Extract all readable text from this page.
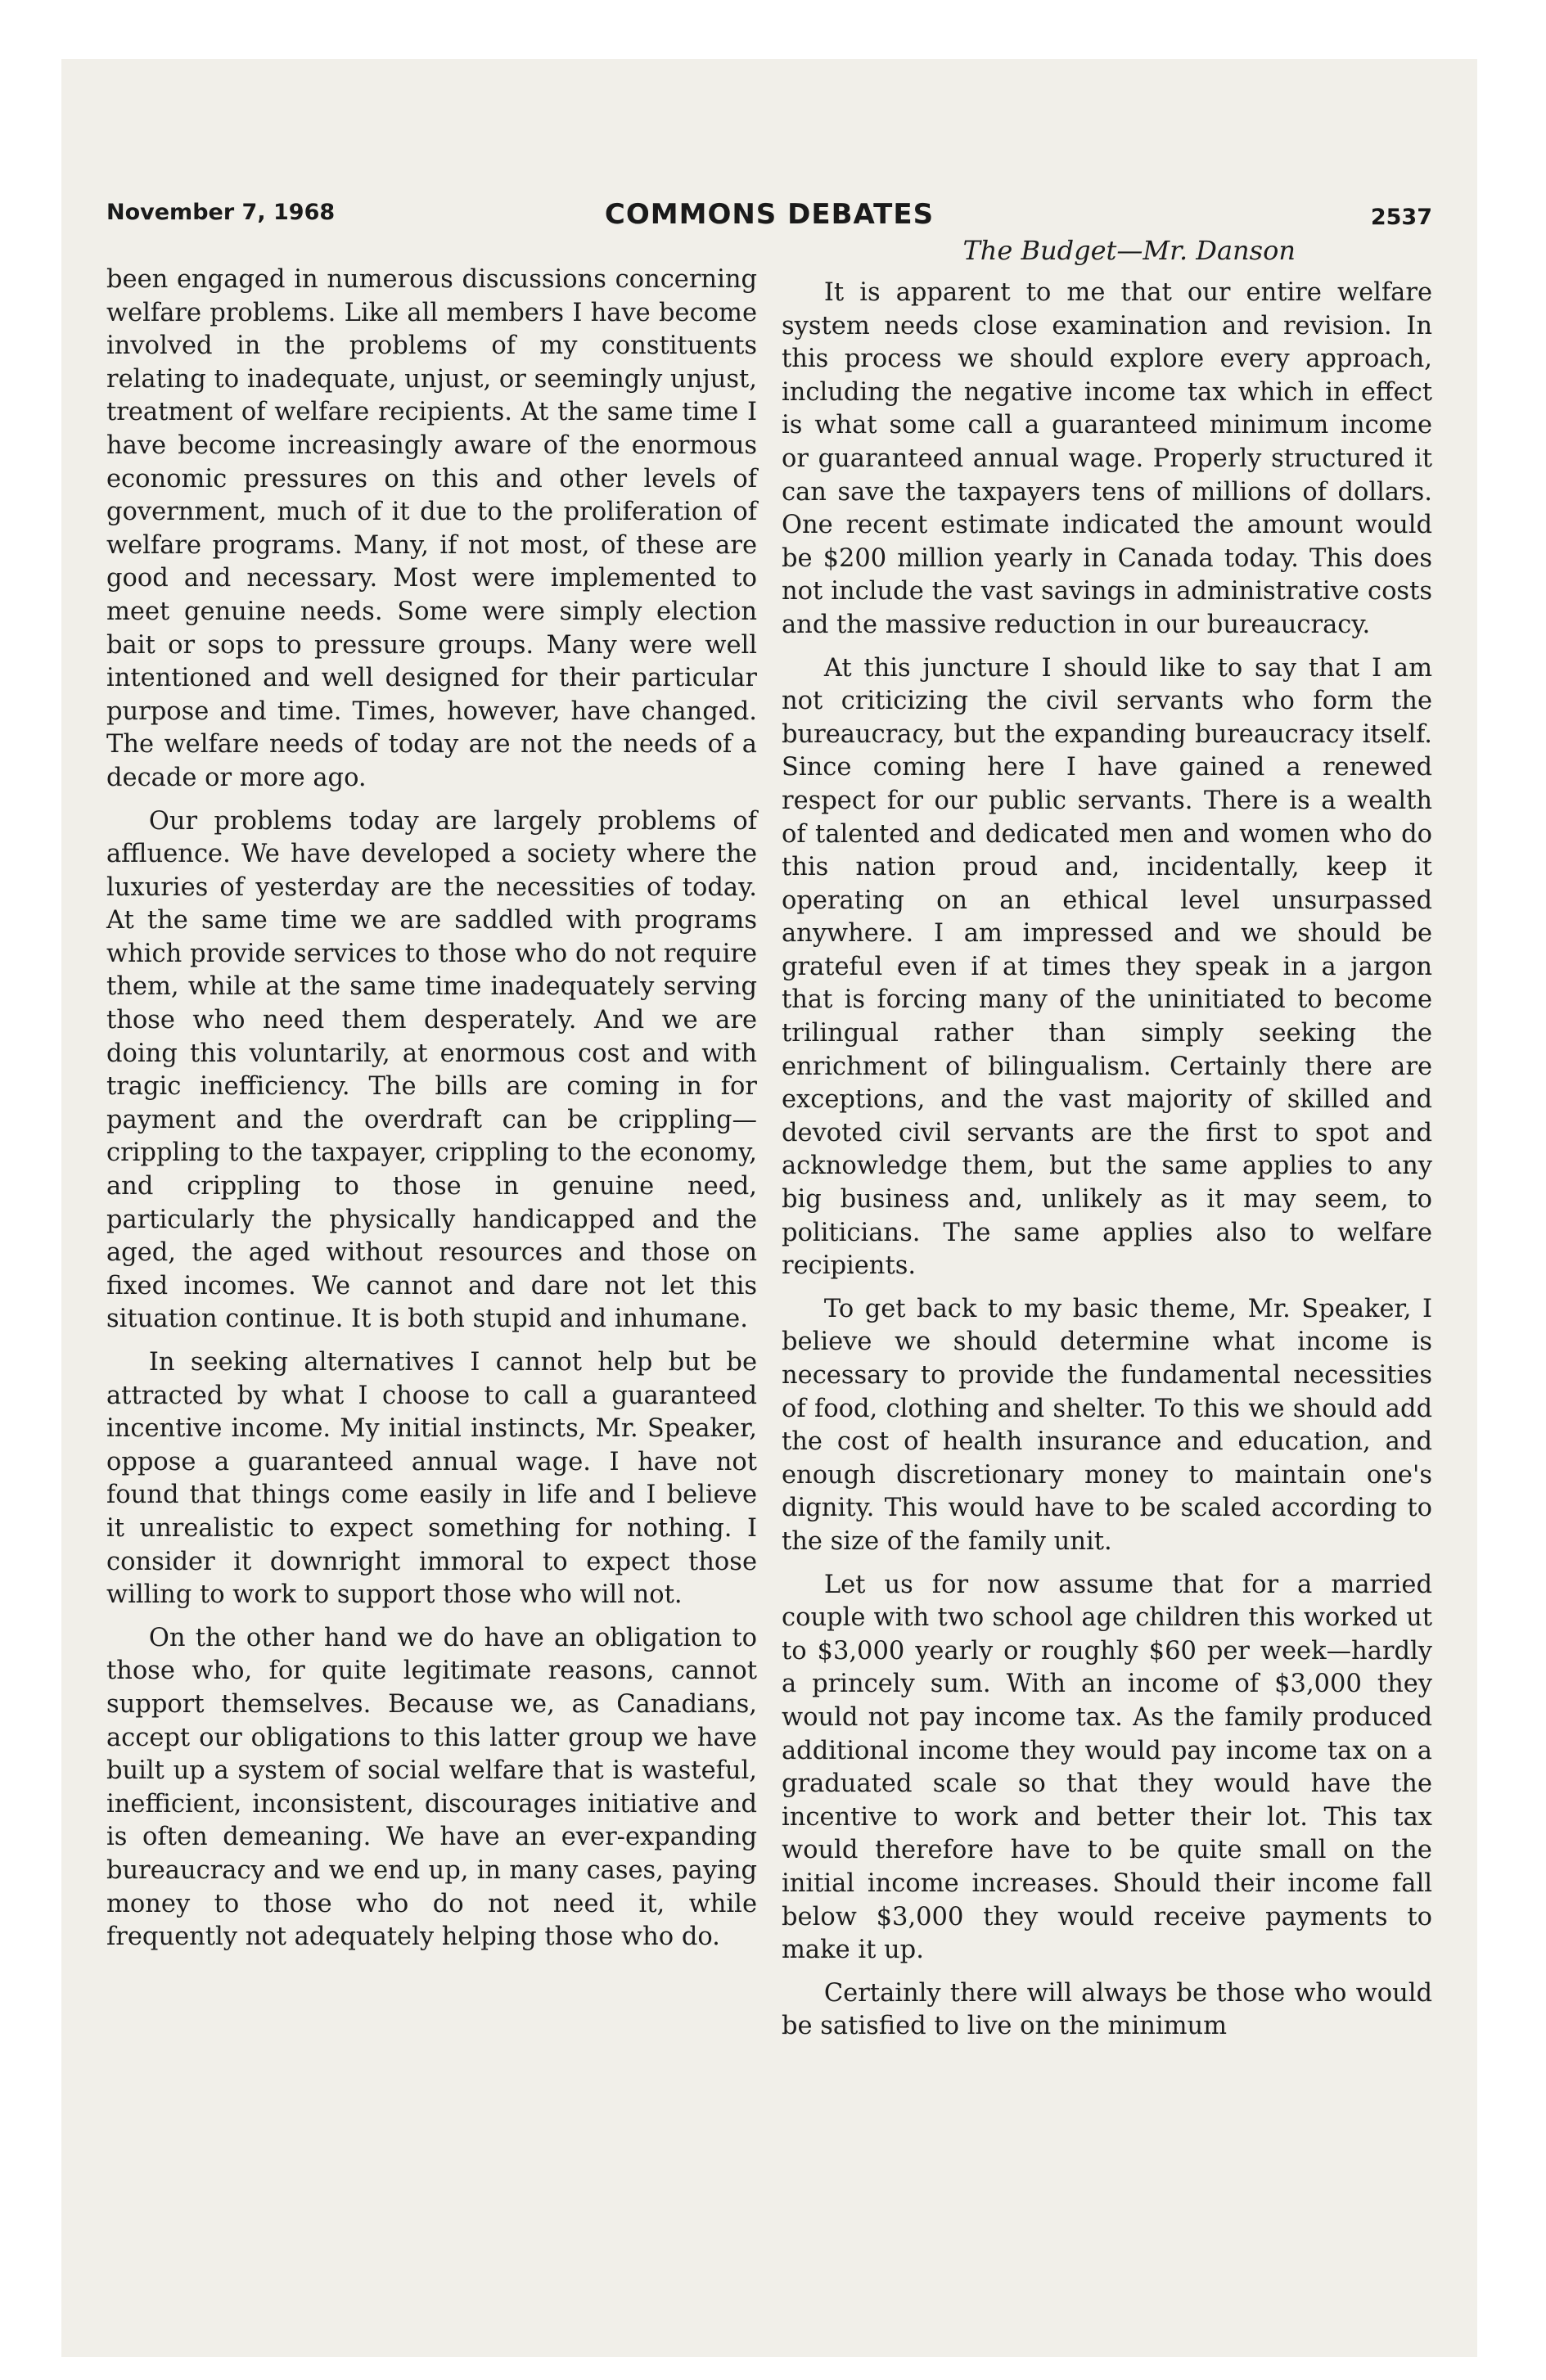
November 7, 1968	COMMONS DEBATES	2537

been engaged in numerous discussions concerning welfare problems. Like all members I have become involved in the problems of my constituents relating to inadequate, unjust, or seemingly unjust, treatment of welfare recipients. At the same time I have become increasingly aware of the enormous economic pressures on this and other levels of government, much of it due to the proliferation of welfare programs. Many, if not most, of these are good and necessary. Most were implemented to meet genuine needs. Some were simply election bait or sops to pressure groups. Many were well intentioned and well designed for their particular purpose and time. Times, however, have changed. The welfare needs of today are not the needs of a decade or more ago.

Our problems today are largely problems of affluence. We have developed a society where the luxuries of yesterday are the necessities of today. At the same time we are saddled with programs which provide services to those who do not require them, while at the same time inadequately serving those who need them desperately. And we are doing this voluntarily, at enormous cost and with tragic inefficiency. The bills are coming in for payment and the overdraft can be crippling—crippling to the taxpayer, crippling to the economy, and crippling to those in genuine need, particularly the physically handicapped and the aged, the aged without resources and those on fixed incomes. We cannot and dare not let this situation continue. It is both stupid and inhumane.

In seeking alternatives I cannot help but be attracted by what I choose to call a guaranteed incentive income. My initial instincts, Mr. Speaker, oppose a guaranteed annual wage. I have not found that things come easily in life and I believe it unrealistic to expect something for nothing. I consider it downright immoral to expect those willing to work to support those who will not.

On the other hand we do have an obligation to those who, for quite legitimate reasons, cannot support themselves. Because we, as Canadians, accept our obligations to this latter group we have built up a system of social welfare that is wasteful, inefficient, inconsistent, discourages initiative and is often demeaning. We have an ever-expanding bureaucracy and we end up, in many cases, paying money to those who do not need it, while frequently not adequately helping those who do.

The Budget—Mr. Danson

It is apparent to me that our entire welfare system needs close examination and revision. In this process we should explore every approach, including the negative income tax which in effect is what some call a guaranteed minimum income or guaranteed annual wage. Properly structured it can save the taxpayers tens of millions of dollars. One recent estimate indicated the amount would be $200 million yearly in Canada today. This does not include the vast savings in administrative costs and the massive reduction in our bureaucracy.

At this juncture I should like to say that I am not criticizing the civil servants who form the bureaucracy, but the expanding bureaucracy itself. Since coming here I have gained a renewed respect for our public servants. There is a wealth of talented and dedicated men and women who do this nation proud and, incidentally, keep it operating on an ethical level unsurpassed anywhere. I am impressed and we should be grateful even if at times they speak in a jargon that is forcing many of the uninitiated to become trilingual rather than simply seeking the enrichment of bilingualism. Certainly there are exceptions, and the vast majority of skilled and devoted civil servants are the first to spot and acknowledge them, but the same applies to any big business and, unlikely as it may seem, to politicians. The same applies also to welfare recipients.

To get back to my basic theme, Mr. Speaker, I believe we should determine what income is necessary to provide the fundamental necessities of food, clothing and shelter. To this we should add the cost of health insurance and education, and enough discretionary money to maintain one's dignity. This would have to be scaled according to the size of the family unit.

Let us for now assume that for a married couple with two school age children this worked ut to $3,000 yearly or roughly $60 per week—hardly a princely sum. With an income of $3,000 they would not pay income tax. As the family produced additional income they would pay income tax on a graduated scale so that they would have the incentive to work and better their lot. This tax would therefore have to be quite small on the initial income increases. Should their income fall below $3,000 they would receive payments to make it up.

Certainly there will always be those who would be satisfied to live on the minimum
